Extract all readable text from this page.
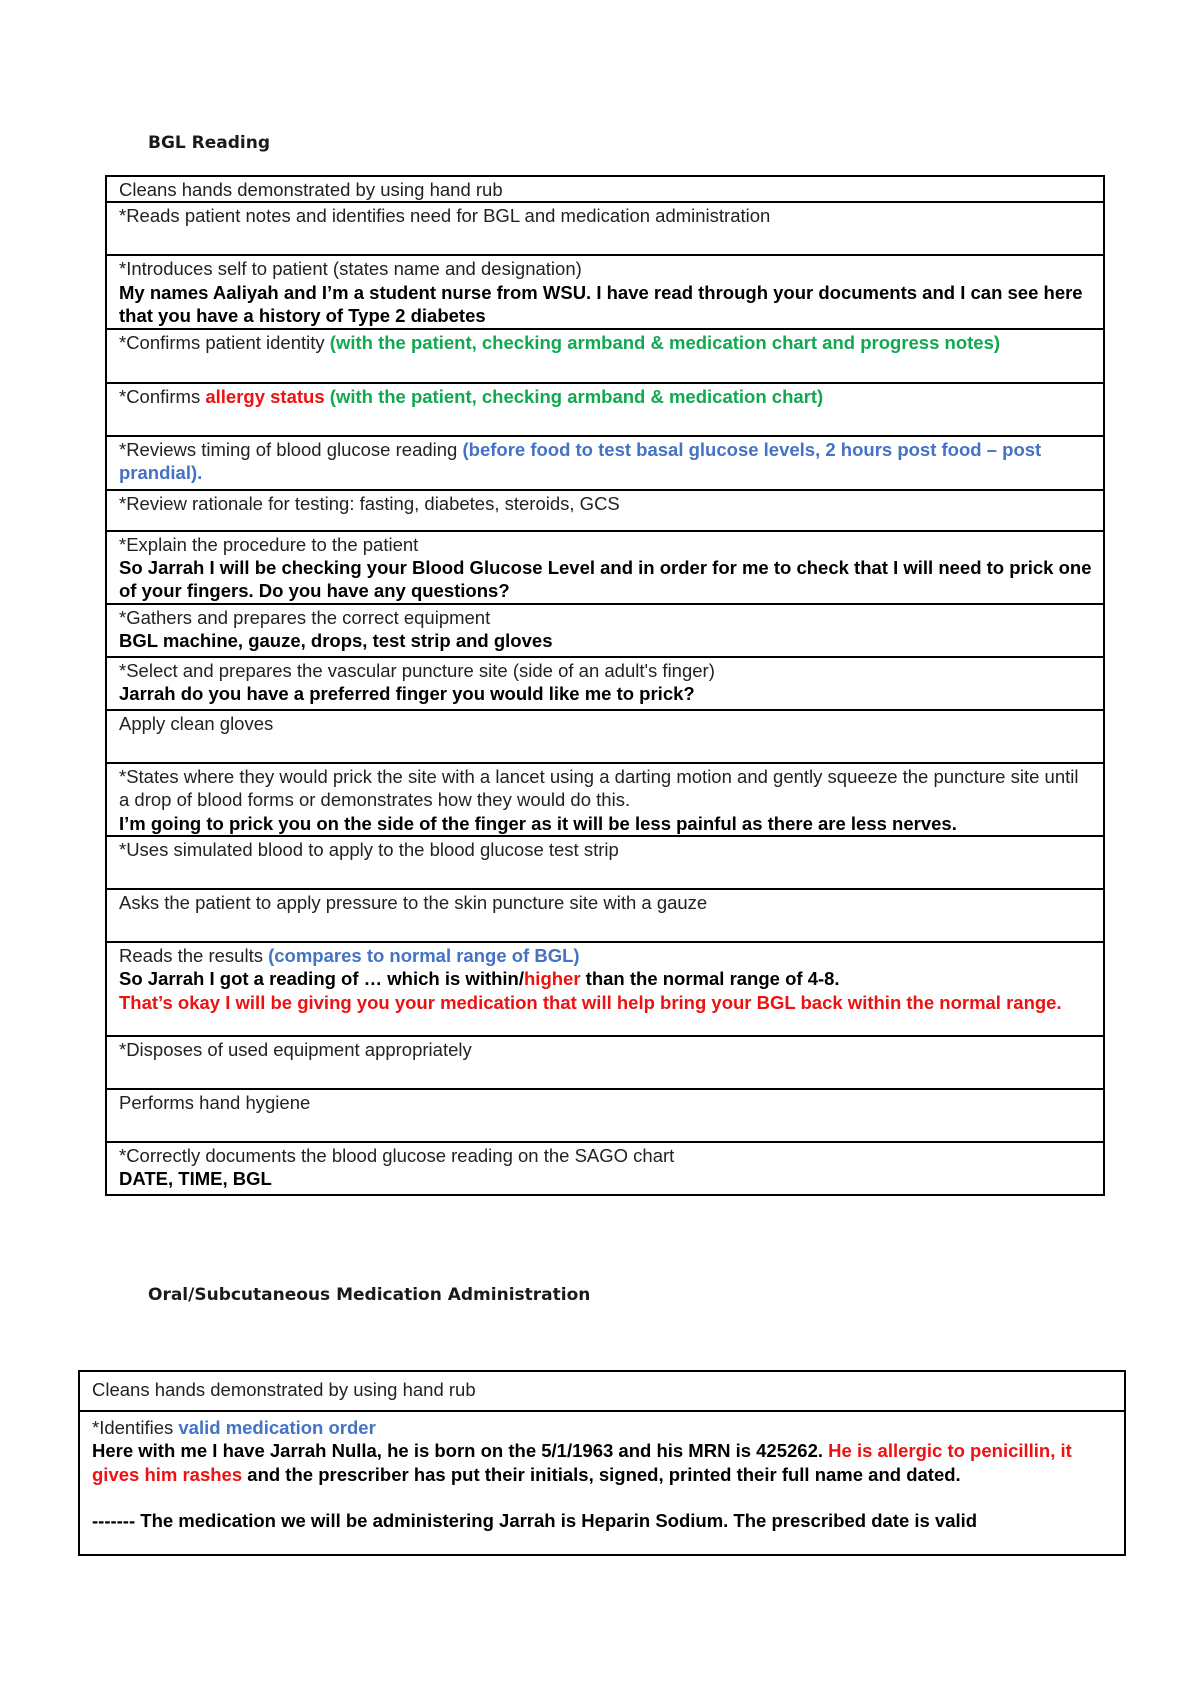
BGL Reading
Cleans hands demonstrated by using hand rub

*Reads patient notes and identifies need for BGL and medication administration

*Introduces self to patient (states name and designation)
My names Aaliyah and I’m a student nurse from WSU. I have read through your documents and I can see here that you have a history of Type 2 diabetes

*Confirms patient identity (with the patient, checking armband & medication chart and progress notes)

*Confirms allergy status (with the patient, checking armband & medication chart)

*Reviews timing of blood glucose reading (before food to test basal glucose levels, 2 hours post food – post prandial).

*Review rationale for testing: fasting, diabetes, steroids, GCS

*Explain the procedure to the patient
So Jarrah I will be checking your Blood Glucose Level and in order for me to check that I will need to prick one of your fingers. Do you have any questions?

*Gathers and prepares the correct equipment
BGL machine, gauze, drops, test strip and gloves

*Select and prepares the vascular puncture site (side of an adult's finger)
Jarrah do you have a preferred finger you would like me to prick?

Apply clean gloves

*States where they would prick the site with a lancet using a darting motion and gently squeeze the puncture site until a drop of blood forms or demonstrates how they would do this.
I’m going to prick you on the side of the finger as it will be less painful as there are less nerves.

*Uses simulated blood to apply to the blood glucose test strip

Asks the patient to apply pressure to the skin puncture site with a gauze

Reads the results (compares to normal range of BGL)
So Jarrah I got a reading of … which is within/higher than the normal range of 4-8.
That’s okay I will be giving you your medication that will help bring your BGL back within the normal range.

*Disposes of used equipment appropriately

Performs hand hygiene

*Correctly documents the blood glucose reading on the SAGO chart
DATE, TIME, BGL
Oral/Subcutaneous Medication Administration
Cleans hands demonstrated by using hand rub

*Identifies valid medication order
Here with me I have Jarrah Nulla, he is born on the 5/1/1963 and his MRN is 425262. He is allergic to penicillin, it gives him rashes and the prescriber has put their initials, signed, printed their full name and dated.
------- The medication we will be administering Jarrah is Heparin Sodium. The prescribed date is valid
